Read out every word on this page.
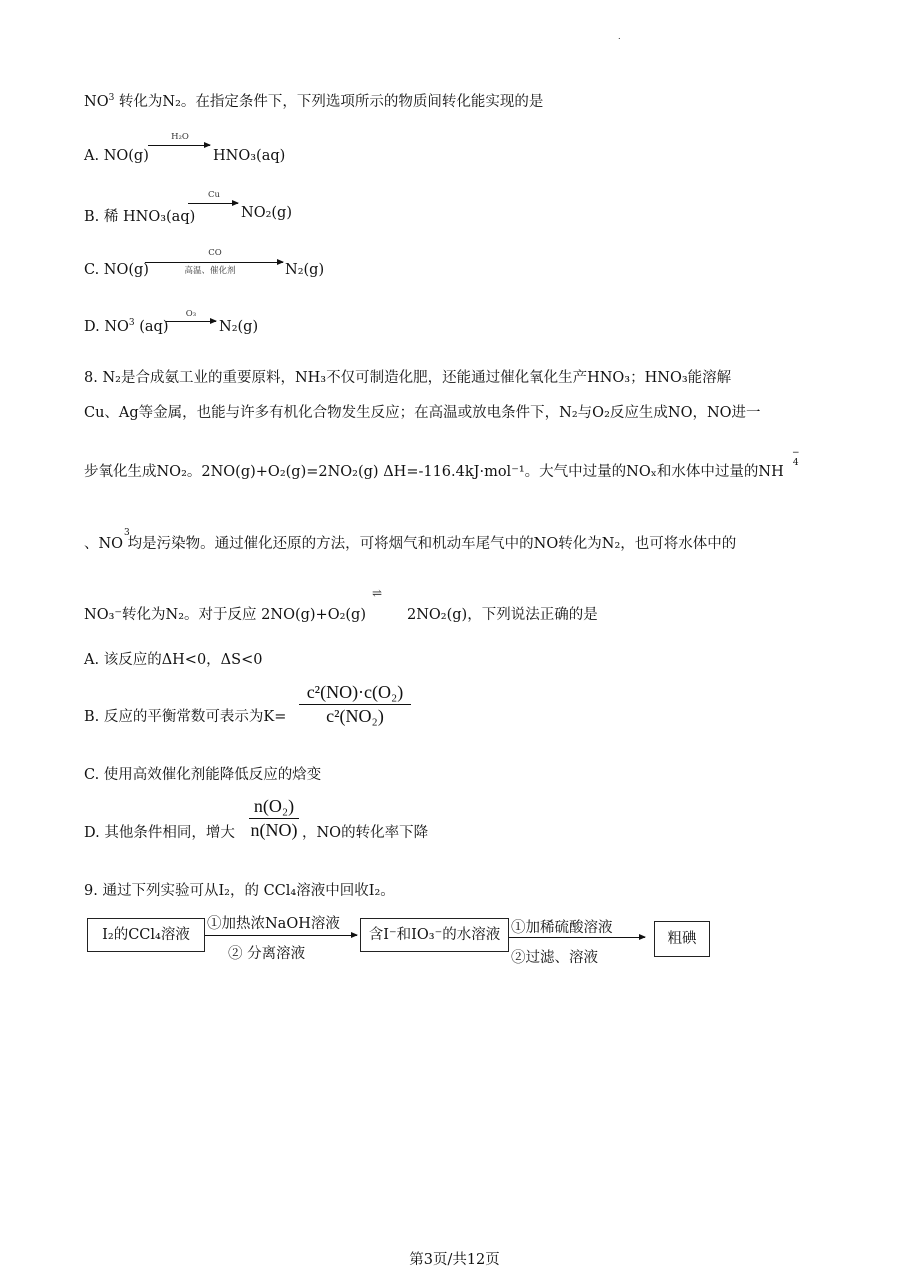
.
$NO^3$ 转化为N₂。在指定条件下，下列选项所示的物质间转化能实现的是
A. NO(g)
H₂O
HNO₃(aq)
B. 稀 HNO₃(aq)
Cu
NO₂(g)
C. NO(g)
CO
高温、催化剂	N₂(g)
D. $NO^3$ (aq)
O₃
N₂(g)
8. N₂是合成氨工业的重要原料，NH₃不仅可制造化肥，还能通过催化氧化生产HNO₃；HNO₃能溶解
Cu、Ag等金属，也能与许多有机化合物发生反应；在高温或放电条件下，N₂与O₂反应生成NO，NO进一
步氧化生成NO₂。2NO(g)+O₂(g)=2NO₂(g) ΔH=-116.4kJ·mol⁻¹。大气中过量的NOₓ和水体中过量的NH
−
4
、NO 均是污染物。通过催化还原的方法，可将烟气和机动车尾气中的NO转化为N₂，也可将水体中的
3
NO₃⁻转化为N₂。对于反应 2NO(g)+O₂(g)
⇌
2NO₂(g)，下列说法正确的是
A. 该反应的ΔH<0，ΔS<0
B. 反应的平衡常数可表示为K=
c²(NO)·c(O₂)
c²(NO₂)
C. 使用高效催化剂能降低反应的焓变
D. 其他条件相同，增大
n(O₂)
n(NO) ，NO的转化率下降
9. 通过下列实验可从I₂，的 CCl₄溶液中回收I₂。
I₂的CCl₄溶液
①加热浓NaOH溶液
② 分离溶液
含I⁻和IO₃⁻的水溶液 ①加稀硫酸溶液
②过滤、溶液
粗碘
第3页/共12页
